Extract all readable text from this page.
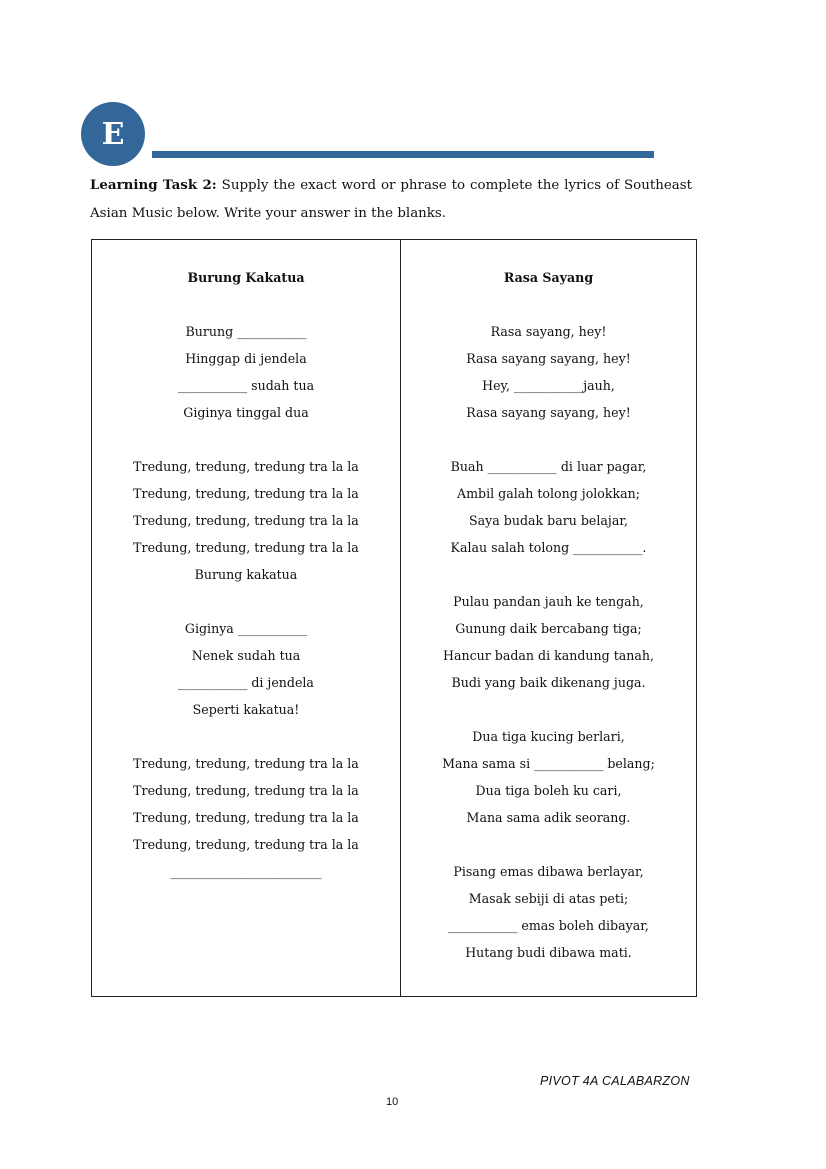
E
Learning Task 2: Supply the exact word or phrase to complete the lyrics of Southeast Asian Music below. Write your answer in the blanks.
Burung Kakatua
Burung ___________
Hinggap di jendela
___________ sudah tua
Giginya tinggal dua
Tredung, tredung, tredung tra la la
Tredung, tredung, tredung tra la la
Tredung, tredung, tredung tra la la
Tredung, tredung, tredung tra la la
Burung kakatua
Giginya ___________
Nenek sudah tua
___________ di jendela
Seperti kakatua!
Tredung, tredung, tredung tra la la
Tredung, tredung, tredung tra la la
Tredung, tredung, tredung tra la la
Tredung, tredung, tredung tra la la
________________________
Rasa Sayang
Rasa sayang, hey!
Rasa sayang sayang, hey!
Hey, ___________jauh,
Rasa sayang sayang, hey!
Buah ___________ di luar pagar,
Ambil galah tolong jolokkan;
Saya budak baru belajar,
Kalau salah tolong ___________.
Pulau pandan jauh ke tengah,
Gunung daik bercabang tiga;
Hancur badan di kandung tanah,
Budi yang baik dikenang juga.
Dua tiga kucing berlari,
Mana sama si ___________ belang;
Dua tiga boleh ku cari,
Mana sama adik seorang.
Pisang emas dibawa berlayar,
Masak sebiji di atas peti;
___________ emas boleh dibayar,
Hutang budi dibawa mati.
PIVOT 4A CALABARZON
10
